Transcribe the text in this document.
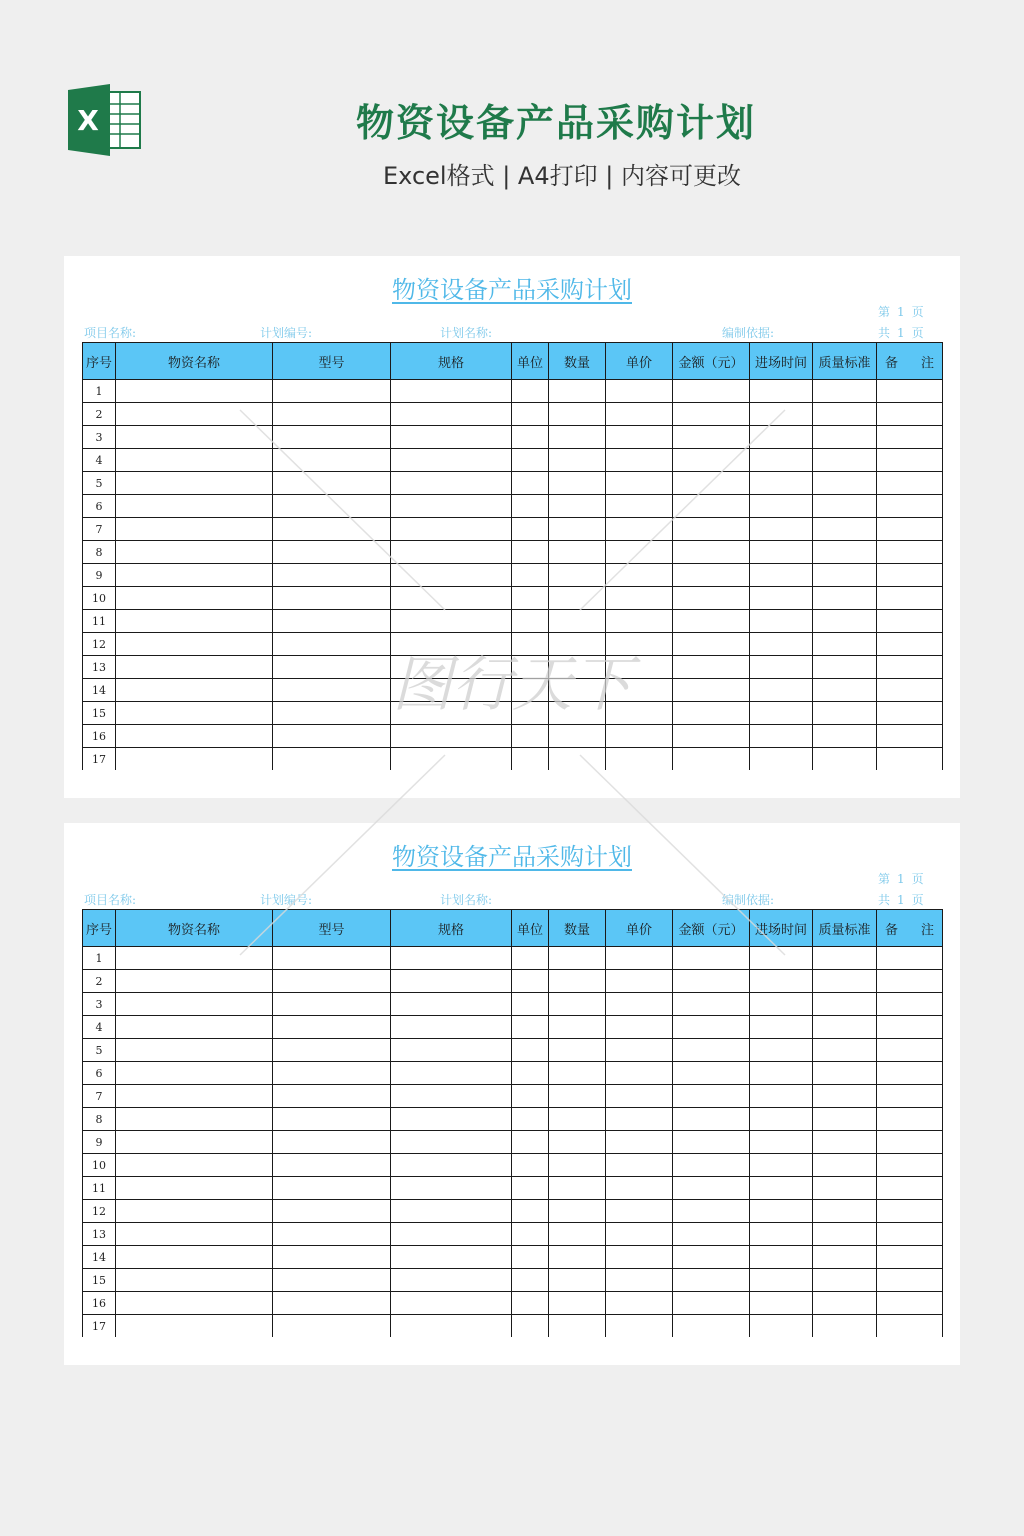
X	物资设备产品采购计划
Excel格式 | A4打印 | 内容可更改
物资设备产品采购计划
第 1 页
项目名称:	计划编号:	计划名称:	编制依据:	共 1 页
序号	物资名称	型号	规格	单位	数量	单价	金额（元）	进场时间	质量标准	备 注

1										
2										
3										
4										
5										
6										
7										
8										
9										
10										
11										
12										
13										
14										
15										
16										
17										
物资设备产品采购计划
第 1 页
项目名称:	计划编号:	计划名称:	编制依据:	共 1 页
序号	物资名称	型号	规格	单位	数量	单价	金额（元）	进场时间	质量标准	备 注

1										
2										
3										
4										
5										
6										
7										
8										
9										
10										
11										
12										
13										
14										
15										
16										
17										
图行天下
